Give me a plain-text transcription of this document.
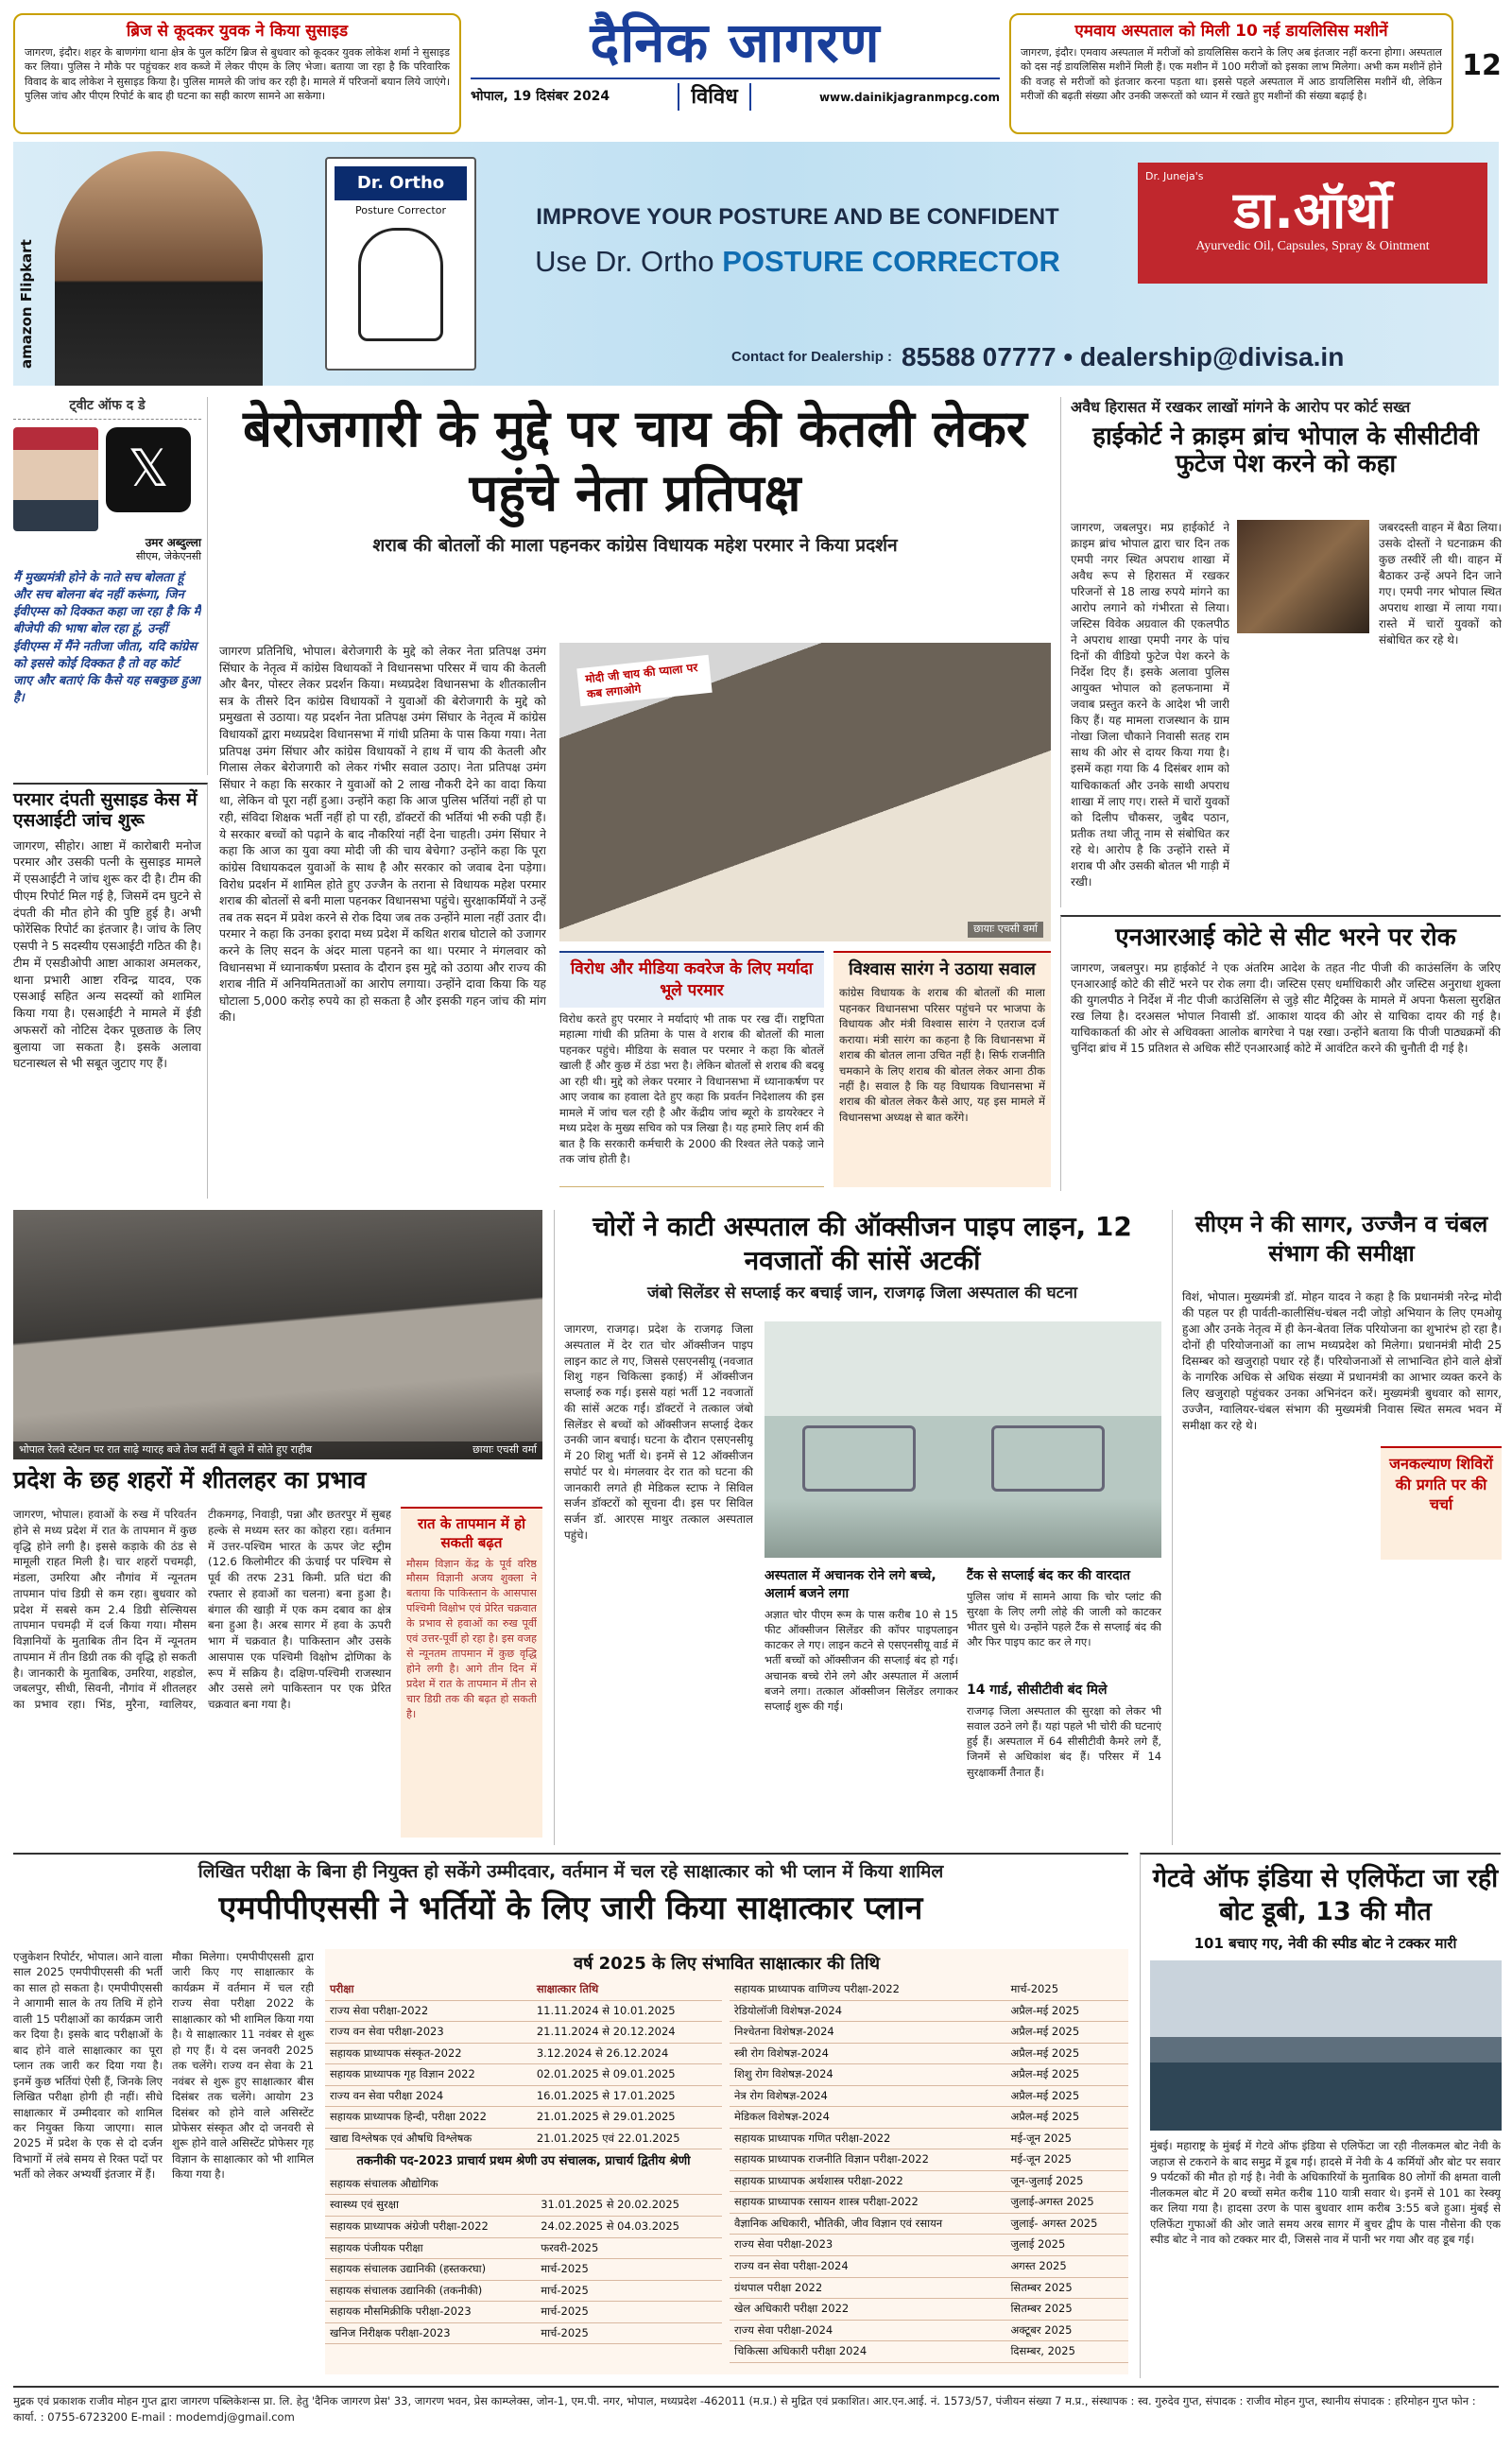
ब्रिज से कूदकर युवक ने किया सुसाइड
जागरण, इंदौर। शहर के बाणगंगा थाना क्षेत्र के पुल कटिंग ब्रिज से बुधवार को कूदकर युवक लोकेश शर्मा ने सुसाइड कर लिया। पुलिस ने मौके पर पहुंचकर शव कब्जे में लेकर पीएम के लिए भेजा। बताया जा रहा है कि परिवारिक विवाद के बाद लोकेश ने सुसाइड किया है। पुलिस मामले की जांच कर रही है। मामले में परिजनों बयान लिये जाएंगे। पुलिस जांच और पीएम रिपोर्ट के बाद ही घटना का सही कारण सामने आ सकेगा।
दैनिक जागरण
भोपाल, 19 दिसंबर 2024	विविध	www.dainikjagranmpcg.com
एमवाय अस्पताल को मिली 10 नई डायलिसिस मशीनें
जागरण, इंदौर। एमवाय अस्पताल में मरीजों को डायलिसिस कराने के लिए अब इंतजार नहीं करना होगा। अस्पताल को दस नई डायलिसिस मशीनें मिली हैं। एक मशीन में 100 मरीजों को इसका लाभ मिलेगा। अभी कम मशीनें होने की वजह से मरीजों को इंतजार करना पड़ता था। इससे पहले अस्पताल में आठ डायलिसिस मशीनें थी, लेकिन मरीजों की बढ़ती संख्या और उनकी जरूरतों को ध्यान में रखते हुए मशीनों की संख्या बढ़ाई है।
12
amazon Flipkart
Dr. Ortho
Posture Corrector	IMPROVE YOUR POSTURE AND BE CONFIDENT
Use Dr. Ortho POSTURE CORRECTOR
Dr. Juneja's
डा.ऑर्थो
Ayurvedic Oil, Capsules, Spray & Ointment
Contact for Dealership : 85588 07777 • dealership@divisa.in
ट्वीट ऑफ द डे
𝕏
उमर अब्दुल्ला
सीएम, जेकेएनसी
मैं मुख्यमंत्री होने के नाते सच बोलता हूं और सच बोलना बंद नहीं करूंगा, जिन ईवीएम्स को दिक्कत कहा जा रहा है कि मैं बीजेपी की भाषा बोल रहा हूं, उन्हीं ईवीएम्स में मैंने नतीजा जीता, यदि कांग्रेस को इससे कोई दिक्कत है तो वह कोर्ट जाए और बताएं कि कैसे यह सबकुछ हुआ है।
परमार दंपती सुसाइड केस में एसआईटी जांच शुरू
जागरण, सीहोर। आष्टा में कारोबारी मनोज परमार और उसकी पत्नी के सुसाइड मामले में एसआईटी ने जांच शुरू कर दी है। टीम की पीएम रिपोर्ट मिल गई है, जिसमें दम घुटने से दंपती की मौत होने की पुष्टि हुई है। अभी फोरेंसिक रिपोर्ट का इंतजार है। जांच के लिए एसपी ने 5 सदस्यीय एसआईटी गठित की है। टीम में एसडीओपी आष्टा आकाश अमलकर, थाना प्रभारी आष्टा रविन्द्र यादव, एक एसआई सहित अन्य सदस्यों को शामिल किया गया है। एसआईटी ने मामले में ईडी अफसरों को नोटिस देकर पूछताछ के लिए बुलाया जा सकता है। इसके अलावा घटनास्थल से भी सबूत जुटाए गए हैं।
बेरोजगारी के मुद्दे पर चाय की केतली लेकर पहुंचे नेता प्रतिपक्ष
शराब की बोतलों की माला पहनकर कांग्रेस विधायक महेश परमार ने किया प्रदर्शन
जागरण प्रतिनिधि, भोपाल। बेरोजगारी के मुद्दे को लेकर नेता प्रतिपक्ष उमंग सिंघार के नेतृत्व में कांग्रेस विधायकों ने विधानसभा परिसर में चाय की केतली और बैनर, पोस्टर लेकर प्रदर्शन किया। मध्यप्रदेश विधानसभा के शीतकालीन सत्र के तीसरे दिन कांग्रेस विधायकों ने युवाओं की बेरोजगारी के मुद्दे को प्रमुखता से उठाया। यह प्रदर्शन नेता प्रतिपक्ष उमंग सिंघार के नेतृत्व में कांग्रेस विधायकों द्वारा मध्यप्रदेश विधानसभा में गांधी प्रतिमा के पास किया गया। नेता प्रतिपक्ष उमंग सिंघार और कांग्रेस विधायकों ने हाथ में चाय की केतली और गिलास लेकर बेरोजगारी को लेकर गंभीर सवाल उठाए। नेता प्रतिपक्ष उमंग सिंघार ने कहा कि सरकार ने युवाओं को 2 लाख नौकरी देने का वादा किया था, लेकिन वो पूरा नहीं हुआ। उन्होंने कहा कि आज पुलिस भर्तियां नहीं हो पा रही, संविदा शिक्षक भर्ती नहीं हो पा रही, डॉक्टरों की भर्तियां भी रुकी पड़ी हैं। ये सरकार बच्चों को पढ़ाने के बाद नौकरियां नहीं देना चाहती। उमंग सिंघार ने कहा कि आज का युवा क्या मोदी जी की चाय बेचेगा? उन्होंने कहा कि पूरा कांग्रेस विधायकदल युवाओं के साथ है और सरकार को जवाब देना पड़ेगा। विरोध प्रदर्शन में शामिल होते हुए उज्जैन के तराना से विधायक महेश परमार शराब की बोतलों से बनी माला पहनकर विधानसभा पहुंचे। सुरक्षाकर्मियों ने उन्हें तब तक सदन में प्रवेश करने से रोक दिया जब तक उन्होंने माला नहीं उतार दी। परमार ने कहा कि उनका इरादा मध्य प्रदेश में कथित शराब घोटाले को उजागर करने के लिए सदन के अंदर माला पहनने का था। परमार ने मंगलवार को विधानसभा में ध्यानाकर्षण प्रस्ताव के दौरान इस मुद्दे को उठाया और राज्य की शराब नीति में अनियमितताओं का आरोप लगाया। उन्होंने दावा किया कि यह घोटाला 5,000 करोड़ रुपये का हो सकता है और इसकी गहन जांच की मांग की।
मोदी जी चाय की प्याला पर कब लगाओगे
छायाः एचसी वर्मा
विरोध और मीडिया कवरेज के लिए मर्यादा भूले परमार
विरोध करते हुए परमार ने मर्यादाएं भी ताक पर रख दीं। राष्ट्रपिता महात्मा गांधी की प्रतिमा के पास वे शराब की बोतलों की माला पहनकर पहुंचे। मीडिया के सवाल पर परमार ने कहा कि बोतलें खाली हैं और कुछ में ठंडा भरा है। लेकिन बोतलों से शराब की बदबू आ रही थी। मुद्दे को लेकर परमार ने विधानसभा में ध्यानाकर्षण पर आए जवाब का हवाला देते हुए कहा कि प्रवर्तन निदेशालय की इस मामले में जांच चल रही है और केंद्रीय जांच ब्यूरो के डायरेक्टर ने मध्य प्रदेश के मुख्य सचिव को पत्र लिखा है। यह हमारे लिए शर्म की बात है कि सरकारी कर्मचारी के 2000 की रिश्वत लेते पकड़े जाने तक जांच होती है।
विश्वास सारंग ने उठाया सवाल
कांग्रेस विधायक के शराब की बोतलों की माला पहनकर विधानसभा परिसर पहुंचने पर भाजपा के विधायक और मंत्री विश्वास सारंग ने एतराज दर्ज कराया। मंत्री सारंग का कहना है कि विधानसभा में शराब की बोतल लाना उचित नहीं है। सिर्फ राजनीति चमकाने के लिए शराब की बोतल लेकर आना ठीक नहीं है। सवाल है कि यह विधायक विधानसभा में शराब की बोतल लेकर कैसे आए, यह इस मामले में विधानसभा अध्यक्ष से बात करेंगे।
अवैध हिरासत में रखकर लाखों मांगने के आरोप पर कोर्ट सख्त
हाईकोर्ट ने क्राइम ब्रांच भोपाल के सीसीटीवी फुटेज पेश करने को कहा
जागरण, जबलपुर। मप्र हाईकोर्ट ने क्राइम ब्रांच भोपाल द्वारा चार दिन तक एमपी नगर स्थित अपराध शाखा में अवैध रूप से हिरासत में रखकर परिजनों से 18 लाख रुपये मांगने का आरोप लगाने को गंभीरता से लिया। जस्टिस विवेक अग्रवाल की एकलपीठ ने अपराध शाखा एमपी नगर के पांच दिनों की वीडियो फुटेज पेश करने के निर्देश दिए हैं। इसके अलावा पुलिस आयुक्त भोपाल को हलफनामा में जवाब प्रस्तुत करने के आदेश भी जारी किए हैं। यह मामला राजस्थान के ग्राम नोखा जिला चौकाने निवासी सतह राम साथ की ओर से दायर किया गया है। इसमें कहा गया कि 4 दिसंबर शाम को याचिकाकर्ता और उनके साथी अपराध शाखा में लाए गए। रास्ते में चारों युवकों को दिलीप चौकसर, जुबैद पठान, प्रतीक तथा जीतू नाम से संबोधित कर रहे थे। आरोप है कि उन्होंने रास्ते में शराब पी और उसकी बोतल भी गाड़ी में रखी।
जबरदस्ती वाहन में बैठा लिया। उसके दोस्तों ने घटनाक्रम की कुछ तस्वीरें ली थी। वाहन में बैठाकर उन्हें अपने दिन जाने गए। एमपी नगर भोपाल स्थित अपराध शाखा में लाया गया। रास्ते में चारों युवकों को संबोधित कर रहे थे।
एनआरआई कोटे से सीट भरने पर रोक
जागरण, जबलपुर। मप्र हाईकोर्ट ने एक अंतरिम आदेश के तहत नीट पीजी की काउंसलिंग के जरिए एनआरआई कोटे की सीटें भरने पर रोक लगा दी। जस्टिस एसए धर्माधिकारी और जस्टिस अनुराधा शुक्ला की युगलपीठ ने निर्देश में नीट पीजी काउंसिलिंग से जुड़े सीट मैट्रिक्स के मामले में अपना फैसला सुरक्षित रख लिया है। दरअसल भोपाल निवासी डॉ. आकाश यादव की ओर से याचिका दायर की गई है। याचिकाकर्ता की ओर से अधिवक्ता आलोक बागरेचा ने पक्ष रखा। उन्होंने बताया कि पीजी पाठ्यक्रमों की चुनिंदा ब्रांच में 15 प्रतिशत से अधिक सीटें एनआरआई कोटे में आवंटित करने की चुनौती दी गई है।
भोपाल रेलवे स्टेशन पर रात साढ़े ग्यारह बजे तेज सर्दी में खुले में सोते हुए राहीब	छायाः एचसी वर्मा
प्रदेश के छह शहरों में शीतलहर का प्रभाव
जागरण, भोपाल। हवाओं के रुख में परिवर्तन होने से मध्य प्रदेश में रात के तापमान में कुछ वृद्धि होने लगी है। इससे कड़ाके की ठंड से मामूली राहत मिली है। चार शहरों पचमढ़ी, मंडला, उमरिया और नौगांव में न्यूनतम तापमान पांच डिग्री से कम रहा। बुधवार को प्रदेश में सबसे कम 2.4 डिग्री सेल्सियस तापमान पचमढ़ी में दर्ज किया गया। मौसम विज्ञानियों के मुताबिक तीन दिन में न्यूनतम तापमान में तीन डिग्री तक की वृद्धि हो सकती है। जानकारी के मुताबिक, उमरिया, शहडोल, जबलपुर, सीधी, सिवनी, नौगांव में शीतलहर का प्रभाव रहा। भिंड, मुरैना, ग्वालियर, टीकमगढ़, निवाड़ी, पन्ना और छतरपुर में सुबह हल्के से मध्यम स्तर का कोहरा रहा। वर्तमान में उत्तर-पश्चिम भारत के ऊपर जेट स्ट्रीम (12.6 किलोमीटर की ऊंचाई पर पश्चिम से पूर्व की तरफ 231 किमी. प्रति घंटा की रफ्तार से हवाओं का चलना) बना हुआ है। बंगाल की खाड़ी में एक कम दबाव का क्षेत्र बना हुआ है। अरब सागर में हवा के ऊपरी भाग में चक्रवात है। पाकिस्तान और उसके आसपास एक पश्चिमी विक्षोभ द्रोणिका के रूप में सक्रिय है। दक्षिण-पश्चिमी राजस्थान और उससे लगे पाकिस्तान पर एक प्रेरित चक्रवात बना गया है।
रात के तापमान में हो सकती बढ़त
मौसम विज्ञान केंद्र के पूर्व वरिष्ठ मौसम विज्ञानी अजय शुक्ला ने बताया कि पाकिस्तान के आसपास पश्चिमी विक्षोभ एवं प्रेरित चक्रवात के प्रभाव से हवाओं का रुख पूर्वी एवं उत्तर-पूर्वी हो रहा है। इस वजह से न्यूनतम तापमान में कुछ वृद्धि होने लगी है। आगे तीन दिन में प्रदेश में रात के तापमान में तीन से चार डिग्री तक की बढ़त हो सकती है।
चोरों ने काटी अस्पताल की ऑक्सीजन पाइप लाइन, 12 नवजातों की सांसें अटकीं
जंबो सिलेंडर से सप्लाई कर बचाई जान, राजगढ़ जिला अस्पताल की घटना
जागरण, राजगढ़। प्रदेश के राजगढ़ जिला अस्पताल में देर रात चोर ऑक्सीजन पाइप लाइन काट ले गए, जिससे एसएनसीयू (नवजात शिशु गहन चिकित्सा इकाई) में ऑक्सीजन सप्लाई रुक गई। इससे यहां भर्ती 12 नवजातों की सांसें अटक गईं। डॉक्टरों ने तत्काल जंबो सिलेंडर से बच्चों को ऑक्सीजन सप्लाई देकर उनकी जान बचाई। घटना के दौरान एसएनसीयू में 20 शिशु भर्ती थे। इनमें से 12 ऑक्सीजन सपोर्ट पर थे। मंगलवार देर रात को घटना की जानकारी लगते ही मेडिकल स्टाफ ने सिविल सर्जन डॉक्टरों को सूचना दी। इस पर सिविल सर्जन डॉ. आरएस माथुर तत्काल अस्पताल पहुंचे।
अस्पताल में अचानक रोने लगे बच्चे, अलार्म बजने लगा
अज्ञात चोर पीएम रूम के पास करीब 10 से 15 फीट ऑक्सीजन सिलेंडर की कॉपर पाइपलाइन काटकर ले गए। लाइन कटने से एसएनसीयू वार्ड में भर्ती बच्चों को ऑक्सीजन की सप्लाई बंद हो गई। अचानक बच्चे रोने लगे और अस्पताल में अलार्म बजने लगा। तत्काल ऑक्सीजन सिलेंडर लगाकर सप्लाई शुरू की गई।
टैंक से सप्लाई बंद कर की वारदात
पुलिस जांच में सामने आया कि चोर प्लांट की सुरक्षा के लिए लगी लोहे की जाली को काटकर भीतर घुसे थे। उन्होंने पहले टैंक से सप्लाई बंद की और फिर पाइप काट कर ले गए।
14 गार्ड, सीसीटीवी बंद मिले
राजगढ़ जिला अस्पताल की सुरक्षा को लेकर भी सवाल उठने लगे हैं। यहां पहले भी चोरी की घटनाएं हुई हैं। अस्पताल में 64 सीसीटीवी कैमरे लगे हैं, जिनमें से अधिकांश बंद हैं। परिसर में 14 सुरक्षाकर्मी तैनात हैं।
सीएम ने की सागर, उज्जैन व चंबल संभाग की समीक्षा
विशं, भोपाल। मुख्यमंत्री डॉ. मोहन यादव ने कहा है कि प्रधानमंत्री नरेन्द्र मोदी की पहल पर ही पार्वती-कालीसिंध-चंबल नदी जोड़ो अभियान के लिए एमओयू हुआ और उनके नेतृत्व में ही केन-बेतवा लिंक परियोजना का शुभारंभ हो रहा है। दोनों ही परियोजनाओं का लाभ मध्यप्रदेश को मिलेगा। प्रधानमंत्री मोदी 25 दिसम्बर को खजुराहो पधार रहे हैं। परियोजनाओं से लाभान्वित होने वाले क्षेत्रों के नागरिक अधिक से अधिक संख्या में प्रधानमंत्री का आभार व्यक्त करने के लिए खजुराहो पहुंचकर उनका अभिनंदन करें। मुख्यमंत्री बुधवार को सागर, उज्जैन, ग्वालियर-चंबल संभाग की मुख्यमंत्री निवास स्थित समत्व भवन में समीक्षा कर रहे थे।
जनकल्याण शिविरों की प्रगति पर की चर्चा
लिखित परीक्षा के बिना ही नियुक्त हो सकेंगे उम्मीदवार, वर्तमान में चल रहे साक्षात्कार को भी प्लान में किया शामिल
एमपीपीएससी ने भर्तियों के लिए जारी किया साक्षात्कार प्लान
एजुकेशन रिपोर्टर, भोपाल। आने वाला साल 2025 एमपीपीएससी की भर्ती का साल हो सकता है। एमपीपीएससी ने आगामी साल के तय तिथि में होने वाली 15 परीक्षाओं का कार्यक्रम जारी कर दिया है। इसके बाद परीक्षाओं के बाद होने वाले साक्षात्कार का पूरा प्लान तक जारी कर दिया गया है। इनमें कुछ भर्तियां ऐसी हैं, जिनके लिए लिखित परीक्षा होगी ही नहीं। सीधे साक्षात्कार में उम्मीदवार को शामिल कर नियुक्त किया जाएगा। साल 2025 में प्रदेश के एक से दो दर्जन विभागों में लंबे समय से रिक्त पदों पर भर्ती को लेकर अभ्यर्थी इंतजार में हैं।
मौका मिलेगा। एमपीपीएससी द्वारा जारी किए गए साक्षात्कार के कार्यक्रम में वर्तमान में चल रही राज्य सेवा परीक्षा 2022 के साक्षात्कार को भी शामिल किया गया है। ये साक्षात्कार 11 नवंबर से शुरू हो गए हैं। ये दस जनवरी 2025 तक चलेंगे। राज्य वन सेवा के 21 नवंबर से शुरू हुए साक्षात्कार बीस दिसंबर तक चलेंगे। आयोग 23 दिसंबर को होने वाले असिस्टेंट प्रोफेसर संस्कृत और दो जनवरी से शुरू होने वाले असिस्टेंट प्रोफेसर गृह विज्ञान के साक्षात्कार को भी शामिल किया गया है।
वर्ष 2025 के लिए संभावित साक्षात्कार की तिथि
परीक्षा	साक्षात्कार तिथि
राज्य सेवा परीक्षा-2022	11.11.2024 से 10.01.2025
राज्य वन सेवा परीक्षा-2023	21.11.2024 से 20.12.2024
सहायक प्राध्यापक संस्कृत-2022	3.12.2024 से 26.12.2024
सहायक प्राध्यापक गृह विज्ञान 2022	02.01.2025 से 09.01.2025
राज्य वन सेवा परीक्षा 2024	16.01.2025 से 17.01.2025
सहायक प्राध्यापक हिन्दी, परीक्षा 2022	21.01.2025 से 29.01.2025
खाद्य विश्लेषक एवं औषधि विश्लेषक	21.01.2025 एवं 22.01.2025
तकनीकी पद-2023 प्राचार्य प्रथम श्रेणी उप संचालक, प्राचार्य द्वितीय श्रेणी
सहायक संचालक औद्योगिक	
स्वास्थ्य एवं सुरक्षा	31.01.2025 से 20.02.2025
सहायक प्राध्यापक अंग्रेजी परीक्षा-2022	24.02.2025 से 04.03.2025
सहायक पंजीयक परीक्षा	फरवरी-2025
सहायक संचालक उद्यानिकी (हस्तकरघा)	मार्च-2025
सहायक संचालक उद्यानिकी (तकनीकी)	मार्च-2025
सहायक मौसमिक्रीकि परीक्षा-2023	मार्च-2025
खनिज निरीक्षक परीक्षा-2023	मार्च-2025
सहायक प्राध्यापक वाणिज्य परीक्षा-2022	मार्च-2025
रेडियोलॉजी विशेषज्ञ-2024	अप्रैल-मई 2025
निश्चेतना विशेषज्ञ-2024	अप्रैल-मई 2025
स्त्री रोग विशेषज्ञ-2024	अप्रैल-मई 2025
शिशु रोग विशेषज्ञ-2024	अप्रैल-मई 2025
नेत्र रोग विशेषज्ञ-2024	अप्रैल-मई 2025
मेडिकल विशेषज्ञ-2024	अप्रैल-मई 2025
सहायक प्राध्यापक गणित परीक्षा-2022	मई-जून 2025
सहायक प्राध्यापक राजनीति विज्ञान परीक्षा-2022	मई-जून 2025
सहायक प्राध्यापक अर्थशास्त्र परीक्षा-2022	जून-जुलाई 2025
सहायक प्राध्यापक रसायन शास्त्र परीक्षा-2022	जुलाई-अगस्त 2025
वैज्ञानिक अधिकारी, भौतिकी, जीव विज्ञान एवं रसायन	जुलाई- अगस्त 2025
राज्य सेवा परीक्षा-2023	जुलाई 2025
राज्य वन सेवा परीक्षा-2024	अगस्त 2025
ग्रंथपाल परीक्षा 2022	सितम्बर 2025
खेल अधिकारी परीक्षा 2022	सितम्बर 2025
राज्य सेवा परीक्षा-2024	अक्टूबर 2025
चिकित्सा अधिकारी परीक्षा 2024	दिसम्बर, 2025
गेटवे ऑफ इंडिया से एलिफेंटा जा रही बोट डूबी, 13 की मौत
101 बचाए गए, नेवी की स्पीड बोट ने टक्कर मारी
मुंबई। महाराष्ट्र के मुंबई में गेटवे ऑफ इंडिया से एलिफेंटा जा रही नीलकमल बोट नेवी के जहाज से टकराने के बाद समुद्र में डूब गई। हादसे में नेवी के 4 कर्मियों और बोट पर सवार 9 पर्यटकों की मौत हो गई है। नेवी के अधिकारियों के मुताबिक 80 लोगों की क्षमता वाली नीलकमल बोट में 20 बच्चों समेत करीब 110 यात्री सवार थे। इनमें से 101 का रेस्क्यू कर लिया गया है। हादसा उरण के पास बुधवार शाम करीब 3:55 बजे हुआ। मुंबई से एलिफेंटा गुफाओं की ओर जाते समय अरब सागर में बुचर द्वीप के पास नौसेना की एक स्पीड बोट ने नाव को टक्कर मार दी, जिससे नाव में पानी भर गया और वह डूब गई।
मुद्रक एवं प्रकाशक राजीव मोहन गुप्त द्वारा जागरण पब्लिकेशन्स प्रा. लि. हेतु 'दैनिक जागरण प्रेस' 33, जागरण भवन, प्रेस काम्प्लेक्स, जोन-1, एम.पी. नगर, भोपाल, मध्यप्रदेश -462011 (म.प्र.) से मुद्रित एवं प्रकाशित। आर.एन.आई. नं. 1573/57, पंजीयन संख्या 7 म.प्र., संस्थापक : स्व. गुरुदेव गुप्त, संपादक : राजीव मोहन गुप्त, स्थानीय संपादक : हरिमोहन गुप्त फोन : कार्या. : 0755-6723200 E-mail : modemdj@gmail.com
